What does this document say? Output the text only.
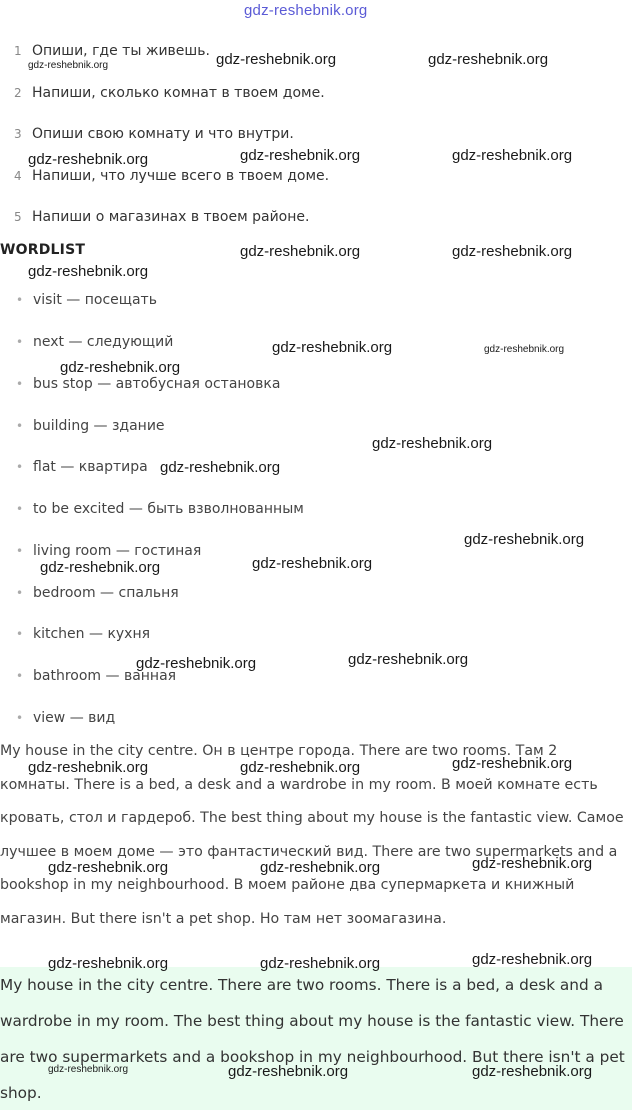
gdz-reshebnik.org
1 Опиши, где ты живешь.
2 Напиши, сколько комнат в твоем доме.
3 Опиши свою комнату и что внутри.
4 Напиши, что лучше всего в твоем доме.
5 Напиши о магазинах в твоем районе.
WORDLIST
• visit — посещать
• next — следующий
• bus stop — автобусная остановка
• building — здание
• flat — квартира
• to be excited — быть взволнованным
• living room — гостиная
• bedroom — спальня
• kitchen — кухня
• bathroom — ванная
• view — вид
My house in the city centre. Он в центре города. There are two rooms. Там 2 комнаты. There is a bed, a desk and a wardrobe in my room. В моей комнате есть кровать, стол и гардероб. The best thing about my house is the fantastic view. Самое лучшее в моем доме — это фантастический вид. There are two supermarkets and a bookshop in my neighbourhood. В моем районе два супермаркета и книжный магазин. But there isn't a pet shop. Но там нет зоомагазина.
My house in the city centre. There are two rooms. There is a bed, a desk and a wardrobe in my room. The best thing about my house is the fantastic view. There are two supermarkets and a bookshop in my neighbourhood. But there isn't a pet shop.
gdz-reshebnik.org	gdz-reshebnik.org	gdz-reshebnik.org
gdz-reshebnik.org	gdz-reshebnik.org	gdz-reshebnik.org
gdz-reshebnik.org	gdz-reshebnik.org
gdz-reshebnik.org
gdz-reshebnik.org	gdz-reshebnik.org
gdz-reshebnik.org
gdz-reshebnik.org
gdz-reshebnik.org
gdz-reshebnik.org
gdz-reshebnik.org
gdz-reshebnik.org
gdz-reshebnik.org
gdz-reshebnik.org
gdz-reshebnik.org	gdz-reshebnik.org	gdz-reshebnik.org
gdz-reshebnik.org	gdz-reshebnik.org	gdz-reshebnik.org
gdz-reshebnik.org	gdz-reshebnik.org	gdz-reshebnik.org
gdz-reshebnik.org	gdz-reshebnik.org	gdz-reshebnik.org
